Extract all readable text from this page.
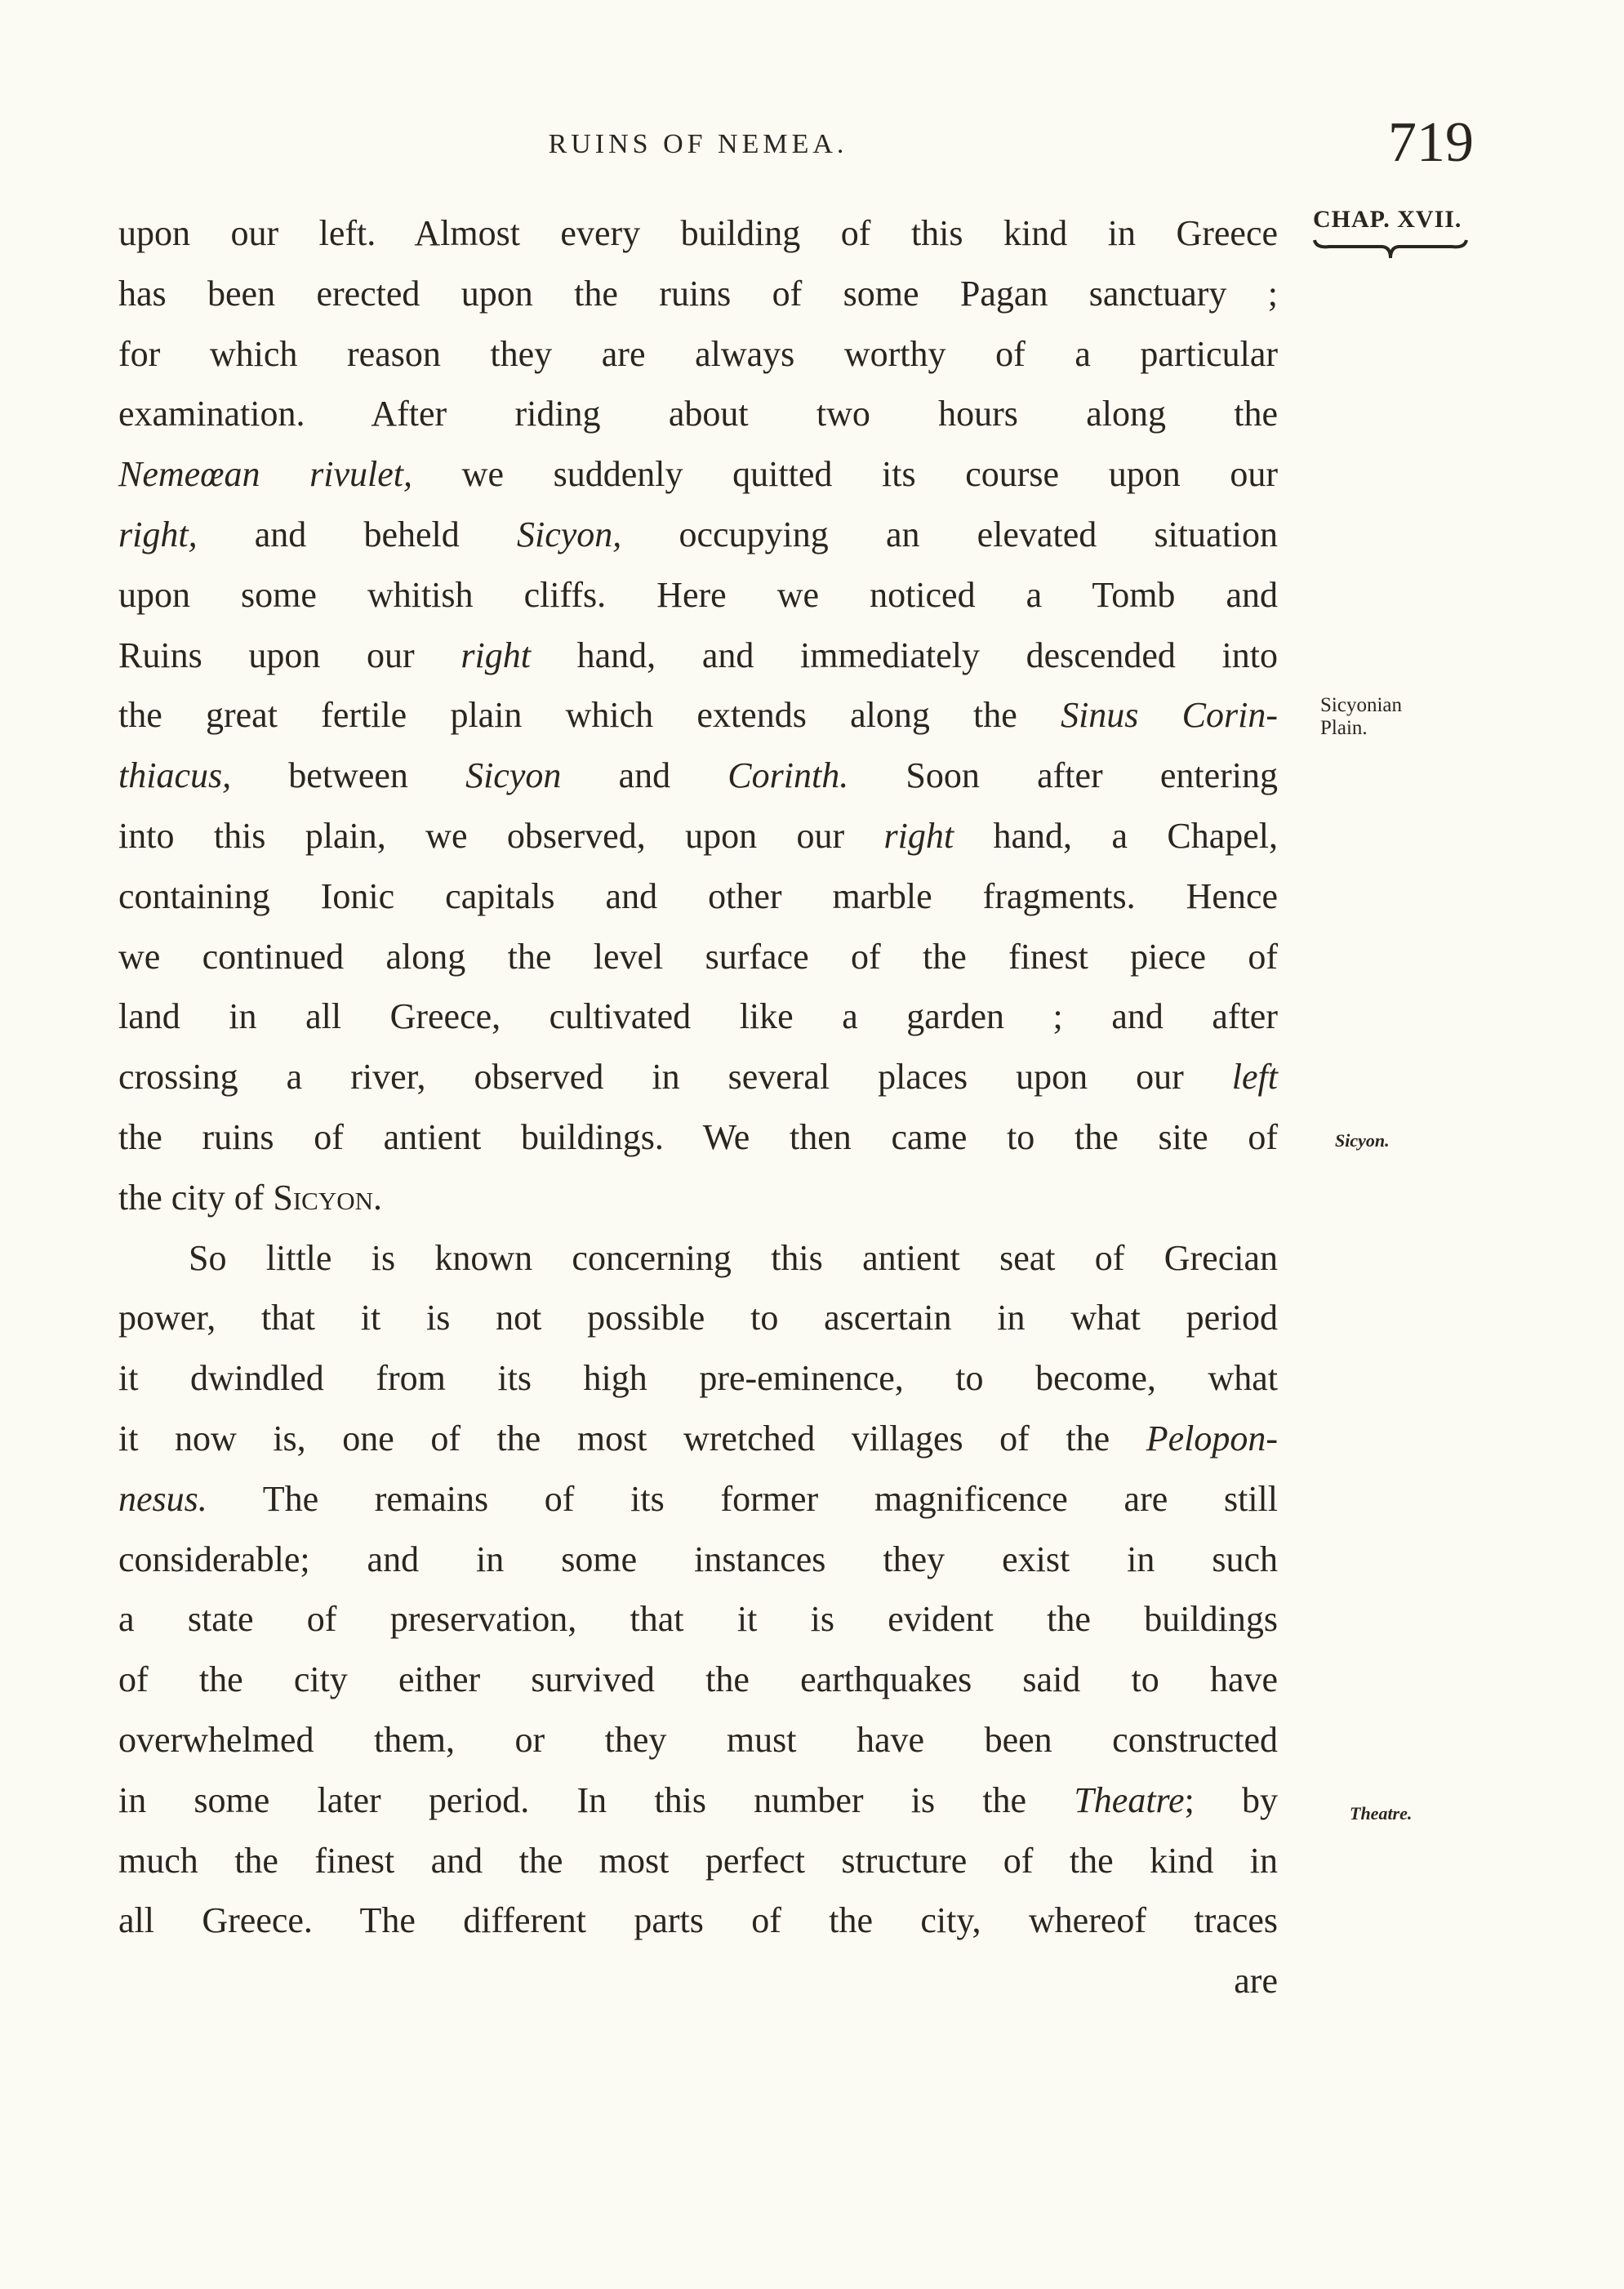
RUINS OF NEMEA.	719
CHAP. XVII.
Sicyonian Plain.
Sicyon.
Theatre.
upon our left. Almost every building of this kind in Greece
has been erected upon the ruins of some Pagan sanctuary ;
for which reason they are always worthy of a particular
examination. After riding about two hours along the
Nemeœan rivulet, we suddenly quitted its course upon our
right, and beheld Sicyon, occupying an elevated situation
upon some whitish cliffs. Here we noticed a Tomb and
Ruins upon our right hand, and immediately descended into
the great fertile plain which extends along the Sinus Corin-
thiacus, between Sicyon and Corinth. Soon after entering
into this plain, we observed, upon our right hand, a Chapel,
containing Ionic capitals and other marble fragments. Hence
we continued along the level surface of the finest piece of
land in all Greece, cultivated like a garden ; and after
crossing a river, observed in several places upon our left
the ruins of antient buildings. We then came to the site of
the city of Sicyon.
So little is known concerning this antient seat of Grecian
power, that it is not possible to ascertain in what period
it dwindled from its high pre-eminence, to become, what
it now is, one of the most wretched villages of the Pelopon-
nesus. The remains of its former magnificence are still
considerable; and in some instances they exist in such
a state of preservation, that it is evident the buildings
of the city either survived the earthquakes said to have
overwhelmed them, or they must have been constructed
in some later period. In this number is the Theatre; by
much the finest and the most perfect structure of the kind in
all Greece. The different parts of the city, whereof traces
are
